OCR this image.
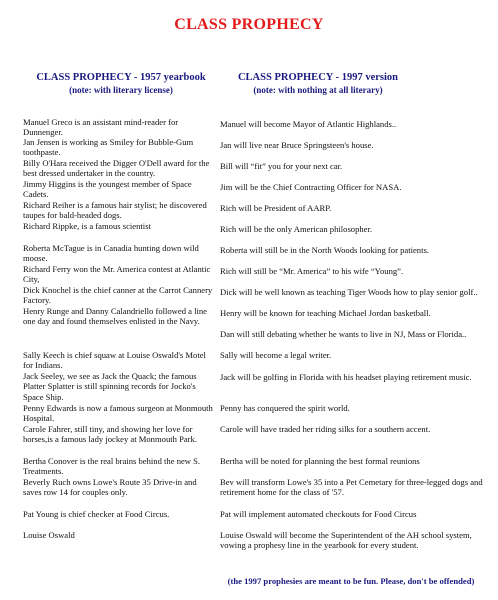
CLASS PROPHECY
CLASS PROPHECY - 1957 yearbook
(note: with literary license)
CLASS PROPHECY - 1997 version
(note: with nothing at all literary)

Manuel Greco is an assistant mind-reader for Dunnenger.

Jan Jensen is working as Smiley for Bubble-Gum toothpaste.

Billy O'Hara received the Digger O'Dell award for the best dressed undertaker in the country.

Jimmy Higgins is the youngest member of Space Cadets.

Richard Reiher is a famous hair stylist; he discovered taupes for bald-headed dogs.

Richard Rippke, is a famous scientist

Roberta McTague is in Canadia hunting down wild moose.

Richard Ferry won the Mr. America contest at Atlantic City,

Dick Knochel is the chief canner at the Carrot Cannery Factory.

Henry Runge and Danny Calandriello followed a line one day and found themselves enlisted in the Navy.

Sally Keech is chief squaw at Louise Oswald's Motel for Indians.

Jack Seeley, we see as Jack the Quack; the famous Platter Splatter is still spinning records for Jocko's Space Ship.

Penny Edwards is now a famous surgeon at Monmouth Hospital.

Carole Fahrer, still tiny, and showing her love for horses,is a famous lady jockey at Monmouth Park.

Bertha Conover is the real brains behind the new S. Treatments.

Beverly Ruch owns Lowe's Route 35 Drive-in and saves row 14 for couples only.

Pat Young is chief checker at Food Circus.

Louise Oswald

Manuel will become Mayor of Atlantic Highlands..

Jan will live near Bruce Springsteen's house.

Bill will “fit” you for your next car.

Jim will be the Chief Contracting Officer for NASA.

Rich will be President of AARP.

Rich will be the only American philosopher.

Roberta will still be in the North Woods looking for patients.

Rich will still be “Mr. America” to his wife “Young”.

Dick will be well known as teaching Tiger Woods how to play senior golf..

Henry will be known for teaching Michael Jordan basketball.

Dan will still debating whether he wants to live in NJ, Mass or Florida..

Sally will become a legal writer.

Jack will be golfing in Florida with his headset playing retirement music.

Penny has conquered the spirit world.

Carole will have traded her riding silks for a southern accent.

Bertha will be noted for planning the best formal reunions

Bev will transform Lowe's 35 into a Pet Cemetary for three-legged dogs and retirement home for the class of '57.

Pat will implement automated checkouts for Food Circus

Louise Oswald will become the Superintendent of the AH school system, vowing a prophesy line in the yearbook for every student.

(the 1997 prophesies are meant to be fun. Please, don't be offended)
